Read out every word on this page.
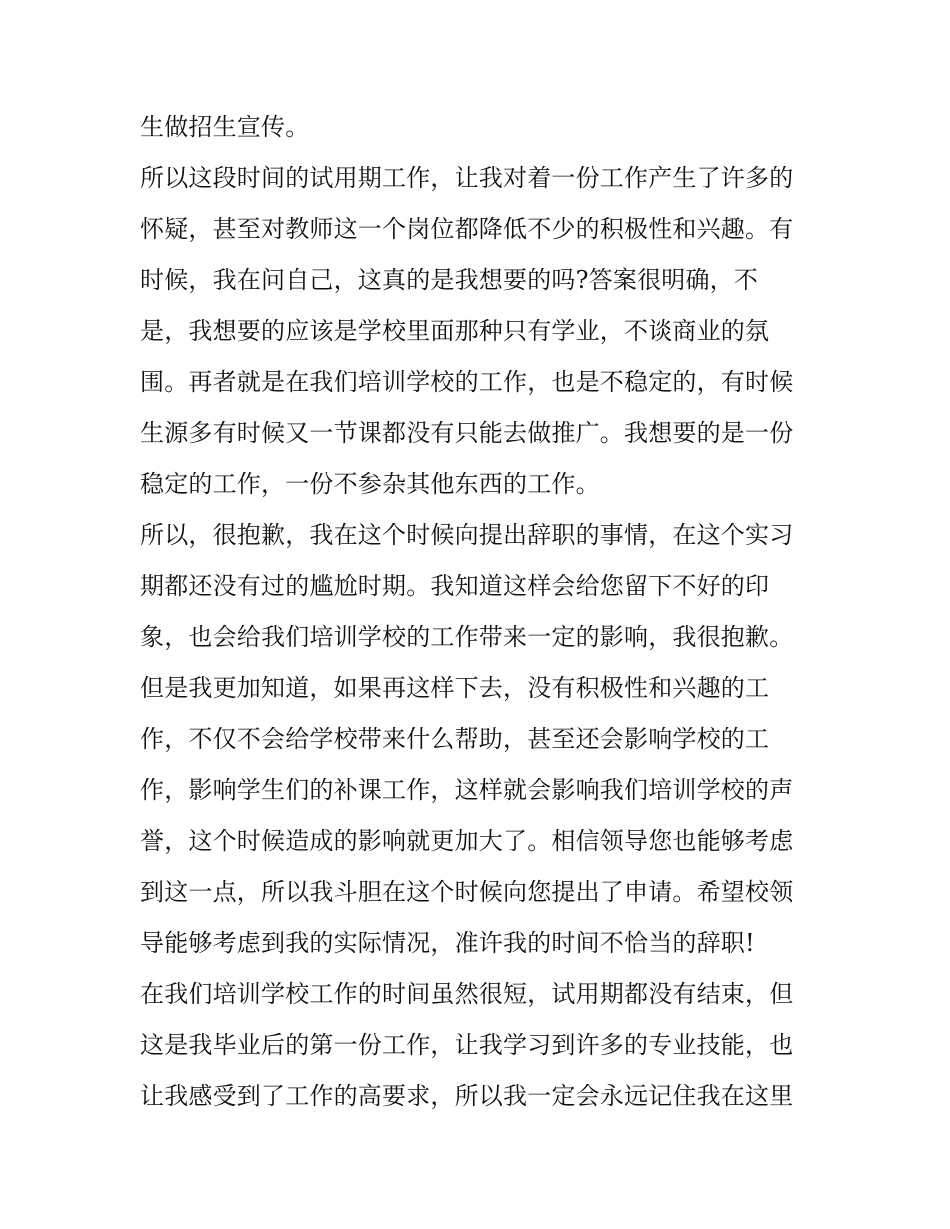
生做招生宣传。
所以这段时间的试用期工作，让我对着一份工作产生了许多的
怀疑，甚至对教师这一个岗位都降低不少的积极性和兴趣。有
时候，我在问自己，这真的是我想要的吗?答案很明确，不
是，我想要的应该是学校里面那种只有学业，不谈商业的氛
围。再者就是在我们培训学校的工作，也是不稳定的，有时候
生源多有时候又一节课都没有只能去做推广。我想要的是一份
稳定的工作，一份不参杂其他东西的工作。
所以，很抱歉，我在这个时候向提出辞职的事情，在这个实习
期都还没有过的尴尬时期。我知道这样会给您留下不好的印
象，也会给我们培训学校的工作带来一定的影响，我很抱歉。
但是我更加知道，如果再这样下去，没有积极性和兴趣的工
作，不仅不会给学校带来什么帮助，甚至还会影响学校的工
作，影响学生们的补课工作，这样就会影响我们培训学校的声
誉，这个时候造成的影响就更加大了。相信领导您也能够考虑
到这一点，所以我斗胆在这个时候向您提出了申请。希望校领
导能够考虑到我的实际情况，准许我的时间不恰当的辞职!
在我们培训学校工作的时间虽然很短，试用期都没有结束，但
这是我毕业后的第一份工作，让我学习到许多的专业技能，也
让我感受到了工作的高要求，所以我一定会永远记住我在这里
